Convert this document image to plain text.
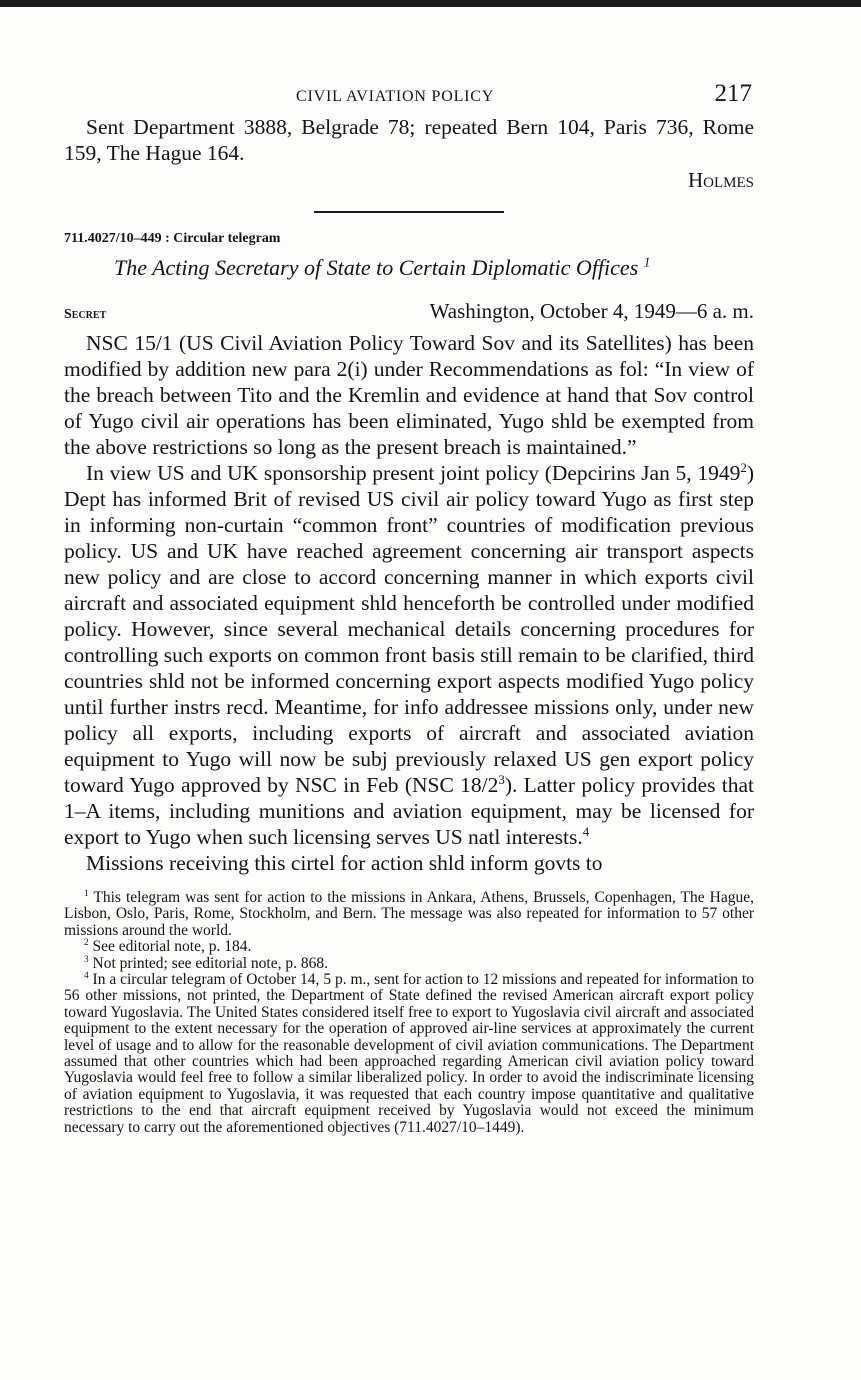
CIVIL AVIATION POLICY	217

Sent Department 3888, Belgrade 78; repeated Bern 104, Paris 736, Rome 159, The Hague 164.

Holmes

711.4027/10–449 : Circular telegram

The Acting Secretary of State to Certain Diplomatic Offices $^1$

Secret	Washington, October 4, 1949—6 a. m.

NSC 15/1 (US Civil Aviation Policy Toward Sov and its Satellites) has been modified by addition new para 2(i) under Recommendations as fol: “In view of the breach between Tito and the Kremlin and evidence at hand that Sov control of Yugo civil air operations has been eliminated, Yugo shld be exempted from the above restrictions so long as the present breach is maintained.”

In view US and UK sponsorship present joint policy (Depcirins Jan 5, 1949$^2$) Dept has informed Brit of revised US civil air policy toward Yugo as first step in informing non-curtain “common front” countries of modification previous policy. US and UK have reached agreement concerning air transport aspects new policy and are close to accord concerning manner in which exports civil aircraft and associated equipment shld henceforth be controlled under modified policy. However, since several mechanical details concerning procedures for controlling such exports on common front basis still remain to be clarified, third countries shld not be informed concerning export aspects modified Yugo policy until further instrs recd. Meantime, for info addressee missions only, under new policy all exports, including exports of aircraft and associated aviation equipment to Yugo will now be subj previously relaxed US gen export policy toward Yugo approved by NSC in Feb (NSC $18/2^3$). Latter policy provides that 1–A items, including munitions and aviation equipment, may be licensed for export to Yugo when such licensing serves US natl interests.$^4$

Missions receiving this cirtel for action shld inform govts to

$^1$ This telegram was sent for action to the missions in Ankara, Athens, Brussels, Copenhagen, The Hague, Lisbon, Oslo, Paris, Rome, Stockholm, and Bern. The message was also repeated for information to 57 other missions around the world.

$^2$ See editorial note, p. 184.

$^3$ Not printed; see editorial note, p. 868.

$^4$ In a circular telegram of October 14, 5 p. m., sent for action to 12 missions and repeated for information to 56 other missions, not printed, the Department of State defined the revised American aircraft export policy toward Yugoslavia. The United States considered itself free to export to Yugoslavia civil aircraft and associated equipment to the extent necessary for the operation of approved air-line services at approximately the current level of usage and to allow for the reasonable development of civil aviation communications. The Department assumed that other countries which had been approached regarding American civil aviation policy toward Yugoslavia would feel free to follow a similar liberalized policy. In order to avoid the indiscriminate licensing of aviation equipment to Yugoslavia, it was requested that each country impose quantitative and qualitative restrictions to the end that aircraft equipment received by Yugoslavia would not exceed the minimum necessary to carry out the aforementioned objectives (711.4027/10–1449).
